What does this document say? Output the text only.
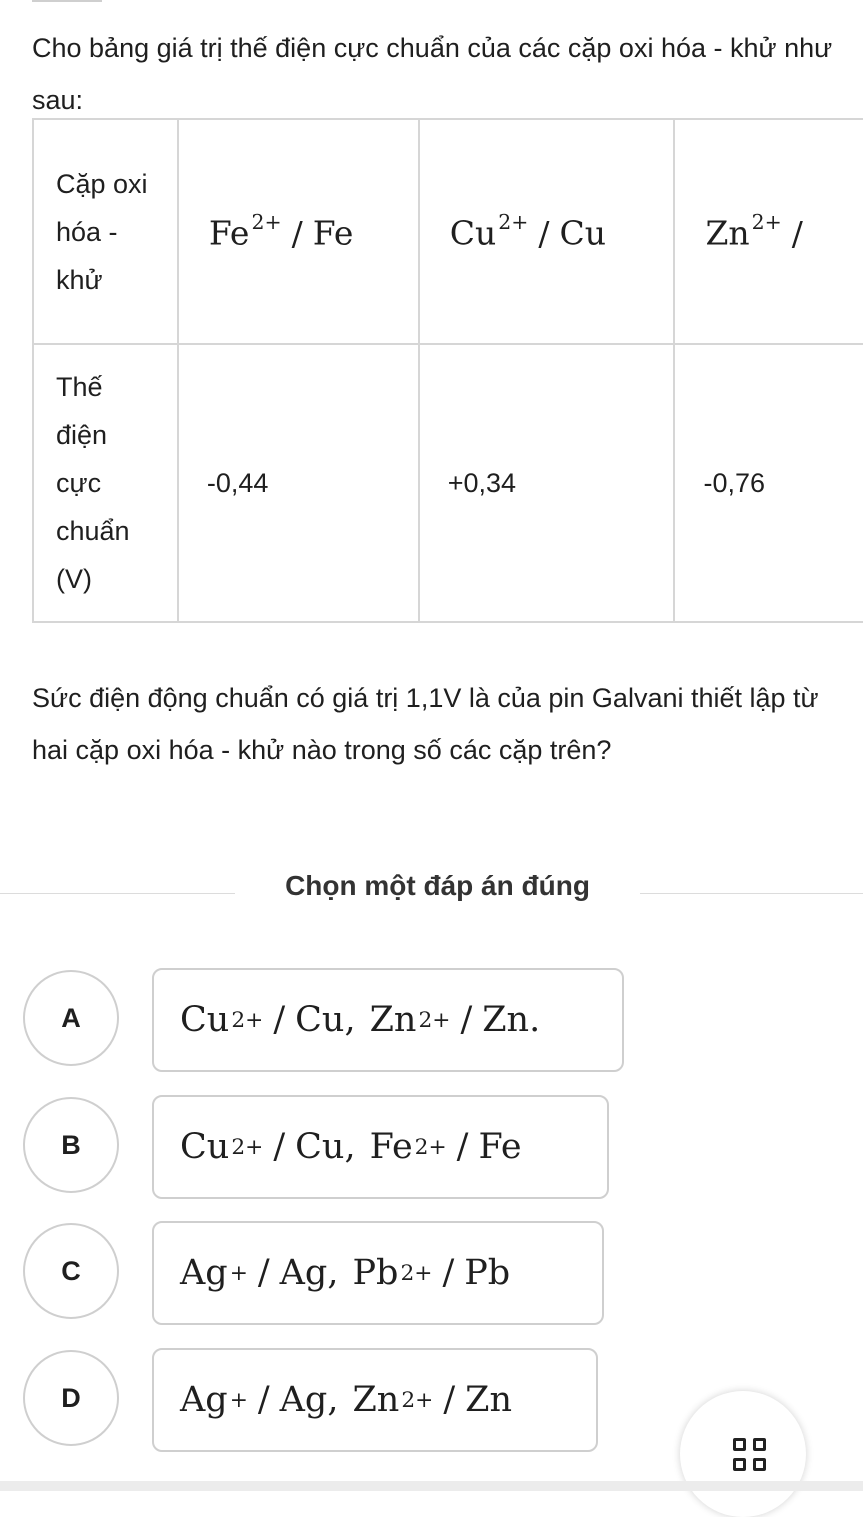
Cho bảng giá trị thế điện cực chuẩn của các cặp oxi hóa - khử như sau:
Cặp oxi hóa - khử	$Fe^{2+}$ / Fe	$Cu^{2+}$ / Cu	$Zn^{2+}$ /
Thế điện cực chuẩn (V)	-0,44	+0,34	-0,76
Sức điện động chuẩn có giá trị 1,1V là của pin Galvani thiết lập từ hai cặp oxi hóa - khử nào trong số các cặp trên?
Chọn một đáp án đúng
A	Cu 2+ / Cu , Zn 2+ / Zn .
B	Cu 2+ / Cu , Fe 2+ / Fe
C	Ag + / Ag , Pb 2+ / Pb
D	Ag + / Ag , Zn 2+ / Zn
